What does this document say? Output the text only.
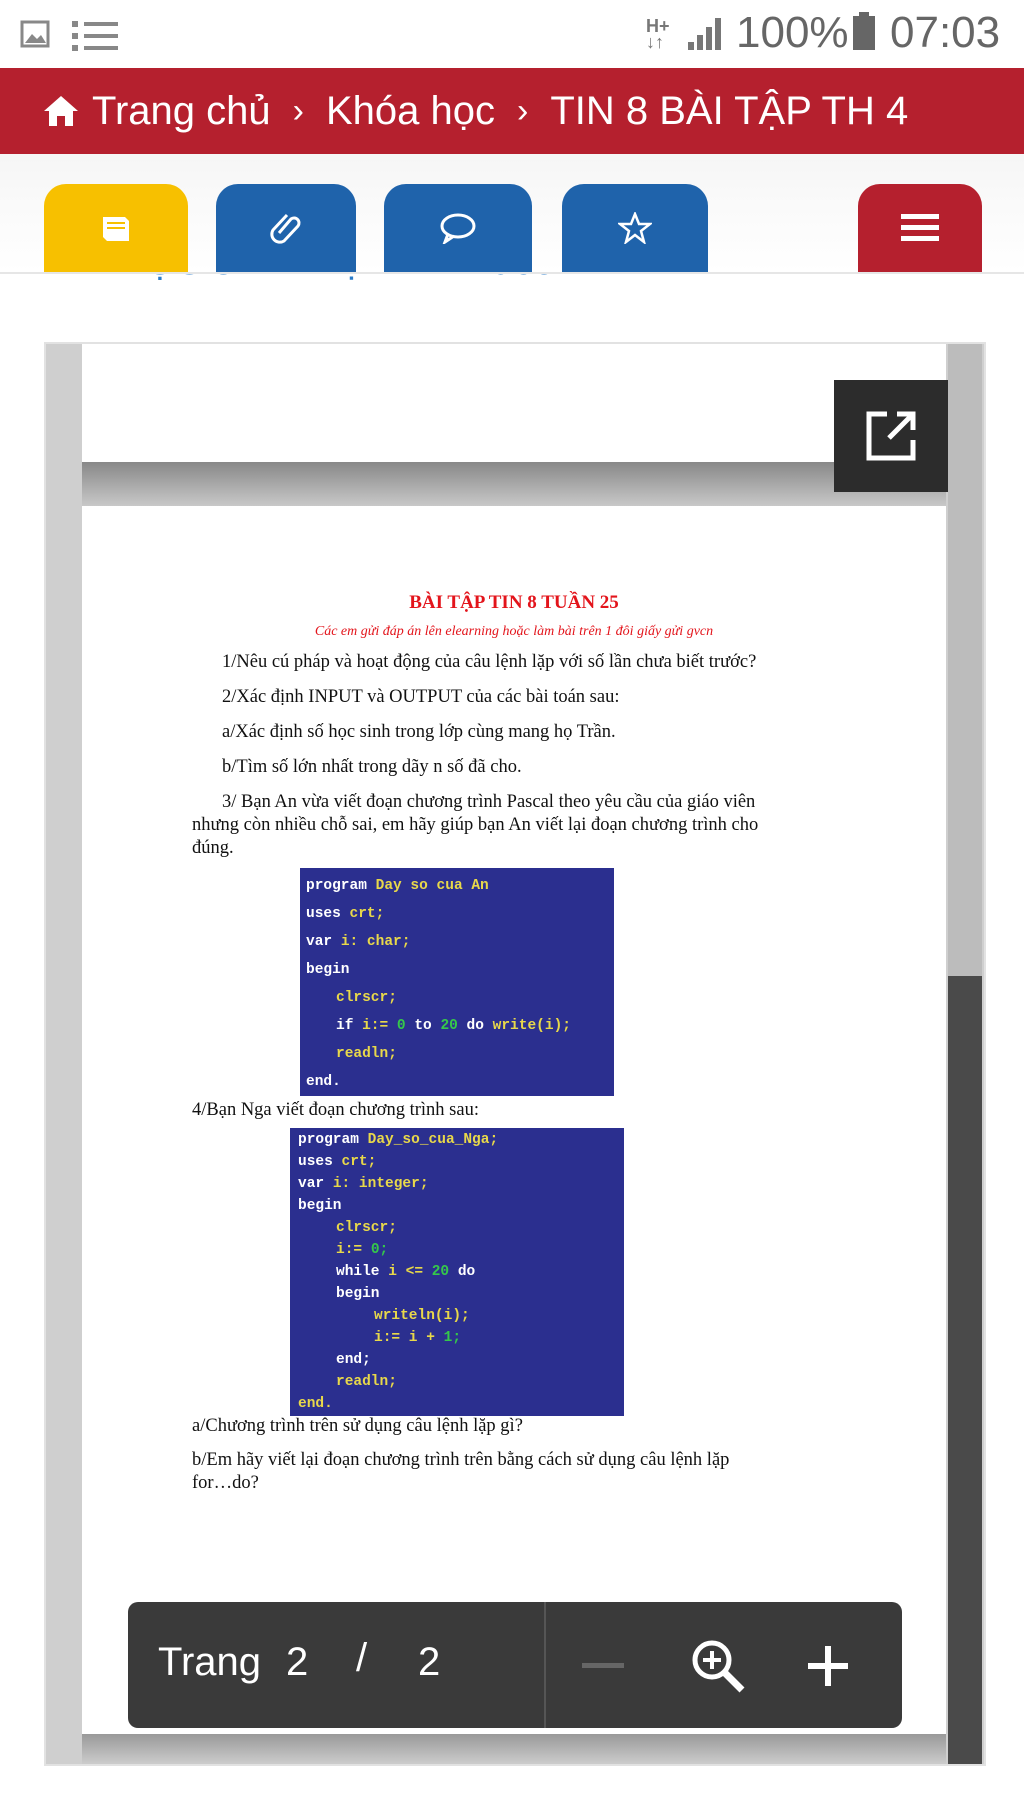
H+
↓↑ 100% 07:03
Trang chủ › Khóa học › TIN 8 BÀI TẬP TH 4
BÀI TẬP TIN 8 TUẦN 25
Các em gửi đáp án lên elearning hoặc làm bài trên 1 đôi giấy gửi gvcn
1/Nêu cú pháp và hoạt động của câu lệnh lặp với số lần chưa biết trước?
2/Xác định INPUT và OUTPUT của các bài toán sau:
a/Xác định số học sinh trong lớp cùng mang họ Trần.
b/Tìm số lớn nhất trong dãy n số đã cho.
3/ Bạn An vừa viết đoạn chương trình Pascal theo yêu cầu của giáo viên
nhưng còn nhiều chỗ sai, em hãy giúp bạn An viết lại đoạn chương trình cho
đúng.
program Day so cua An
uses crt;
var i: char;
begin
clrscr;
if i:= 0 to 20 do write(i);
readln;
end.
4/Bạn Nga viết đoạn chương trình sau:
program Day_so_cua_Nga;
uses crt;
var i: integer;
begin
clrscr;
i:= 0;
while i <= 20 do
begin
writeln(i);
i:= i + 1;
end;
readln;
end.
a/Chương trình trên sử dụng câu lệnh lặp gì?
b/Em hãy viết lại đoạn chương trình trên bằng cách sử dụng câu lệnh lặp
for…do?
Trang 2 / 2
